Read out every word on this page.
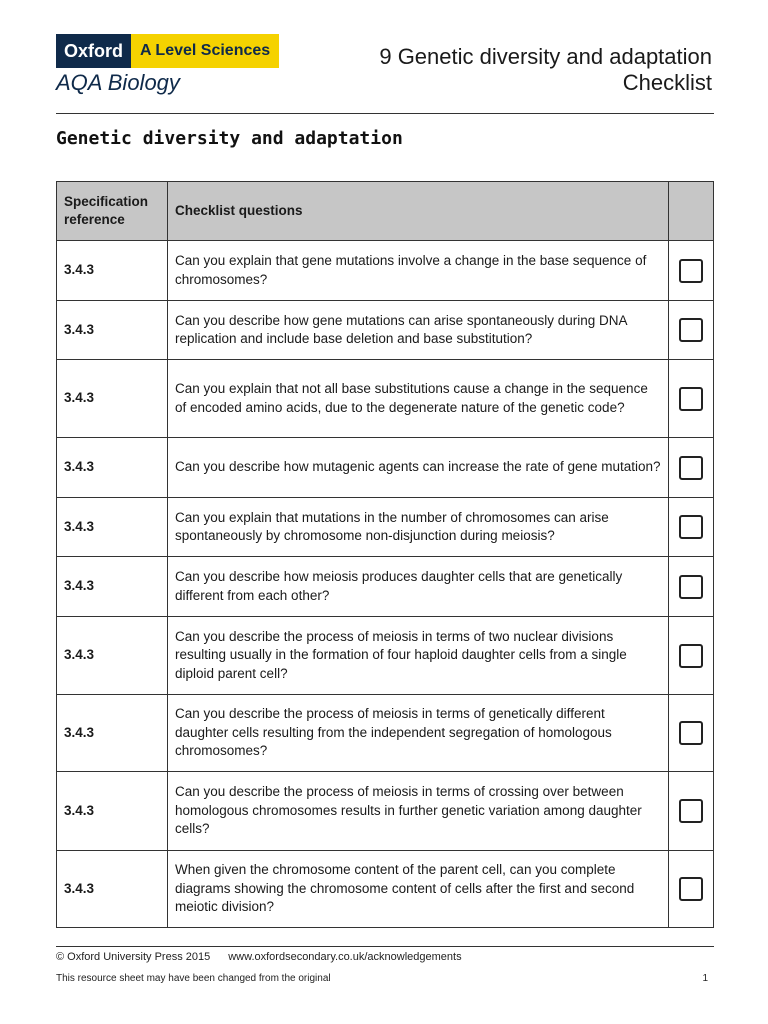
Oxford	A Level Sciences
AQA Biology
9 Genetic diversity and adaptation
Checklist
Genetic diversity and adaptation
Specification reference	Checklist questions	
3.4.3	Can you explain that gene mutations involve a change in the base sequence of chromosomes?	
3.4.3	Can you describe how gene mutations can arise spontaneously during DNA replication and include base deletion and base substitution?	
3.4.3	Can you explain that not all base substitutions cause a change in the sequence of encoded amino acids, due to the degenerate nature of the genetic code?	
3.4.3	Can you describe how mutagenic agents can increase the rate of gene mutation?	
3.4.3	Can you explain that mutations in the number of chromosomes can arise spontaneously by chromosome non-disjunction during meiosis?	
3.4.3	Can you describe how meiosis produces daughter cells that are genetically different from each other?	
3.4.3	Can you describe the process of meiosis in terms of two nuclear divisions resulting usually in the formation of four haploid daughter cells from a single diploid parent cell?	
3.4.3	Can you describe the process of meiosis in terms of genetically different daughter cells resulting from the independent segregation of homologous chromosomes?	
3.4.3	Can you describe the process of meiosis in terms of crossing over between homologous chromosomes results in further genetic variation among daughter cells?	
3.4.3	When given the chromosome content of the parent cell, can you complete diagrams showing the chromosome content of cells after the first and second meiotic division?	
© Oxford University Press 2015 www.oxfordsecondary.co.uk/acknowledgements
This resource sheet may have been changed from the original	1
